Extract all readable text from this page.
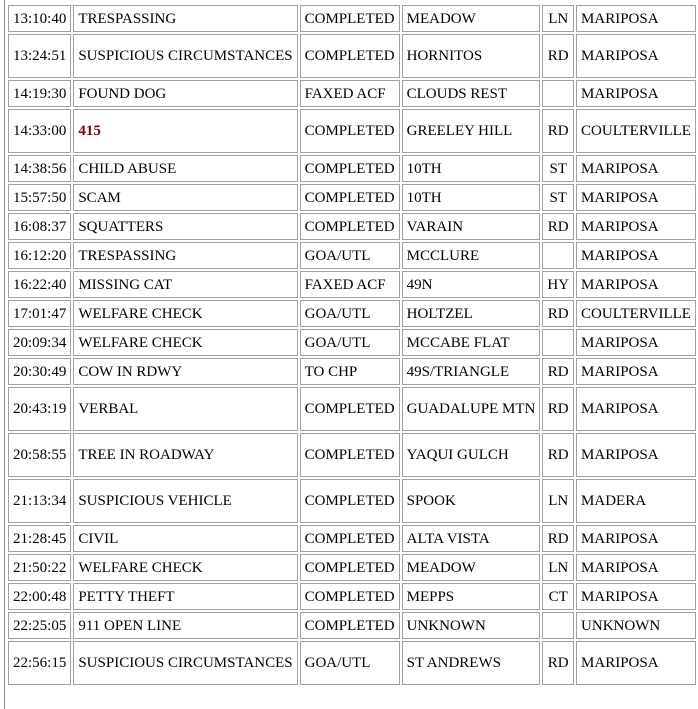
13:10:40	TRESPASSING	COMPLETED	MEADOW	LN	MARIPOSA
13:24:51	SUSPICIOUS CIRCUMSTANCES	COMPLETED	HORNITOS	RD	MARIPOSA
14:19:30	FOUND DOG	FAXED ACF	CLOUDS REST		MARIPOSA
14:33:00	415	COMPLETED	GREELEY HILL	RD	COULTERVILLE
14:38:56	CHILD ABUSE	COMPLETED	10TH	ST	MARIPOSA
15:57:50	SCAM	COMPLETED	10TH	ST	MARIPOSA
16:08:37	SQUATTERS	COMPLETED	VARAIN	RD	MARIPOSA
16:12:20	TRESPASSING	GOA/UTL	MCCLURE		MARIPOSA
16:22:40	MISSING CAT	FAXED ACF	49N	HY	MARIPOSA
17:01:47	WELFARE CHECK	GOA/UTL	HOLTZEL	RD	COULTERVILLE
20:09:34	WELFARE CHECK	GOA/UTL	MCCABE FLAT		MARIPOSA
20:30:49	COW IN RDWY	TO CHP	49S/TRIANGLE	RD	MARIPOSA
20:43:19	VERBAL	COMPLETED	GUADALUPE MTN	RD	MARIPOSA
20:58:55	TREE IN ROADWAY	COMPLETED	YAQUI GULCH	RD	MARIPOSA
21:13:34	SUSPICIOUS VEHICLE	COMPLETED	SPOOK	LN	MADERA
21:28:45	CIVIL	COMPLETED	ALTA VISTA	RD	MARIPOSA
21:50:22	WELFARE CHECK	COMPLETED	MEADOW	LN	MARIPOSA
22:00:48	PETTY THEFT	COMPLETED	MEPPS	CT	MARIPOSA
22:25:05	911 OPEN LINE	COMPLETED	UNKNOWN		UNKNOWN
22:56:15	SUSPICIOUS CIRCUMSTANCES	GOA/UTL	ST ANDREWS	RD	MARIPOSA
